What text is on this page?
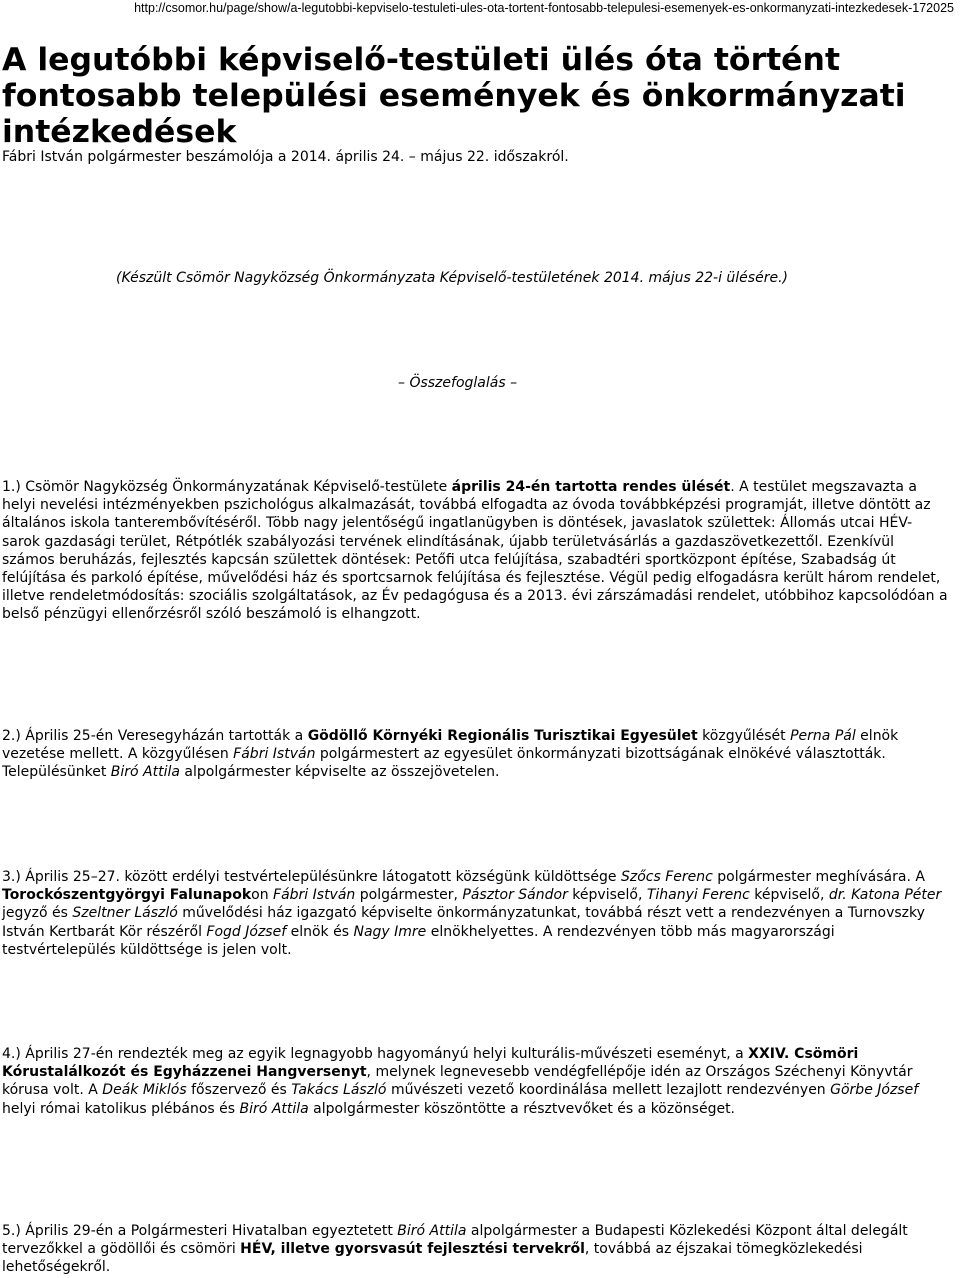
http://csomor.hu/page/show/a-legutobbi-kepviselo-testuleti-ules-ota-tortent-fontosabb-telepulesi-esemenyek-es-onkormanyzati-intezkedesek-172025
A legutóbbi képviselő-testületi ülés óta történt fontosabb települési események és önkormányzati intézkedések
Fábri István polgármester beszámolója a 2014. április 24. – május 22. időszakról.
(Készült Csömör Nagyközség Önkormányzata Képviselő-testületének 2014. május 22-i ülésére.)
– Összefoglalás –

1.) Csömör Nagyközség Önkormányzatának Képviselő-testülete április 24-én tartotta rendes ülését. A testület megszavazta a helyi nevelési intézményekben pszichológus alkalmazását, továbbá elfogadta az óvoda továbbképzési programját, illetve döntött az általános iskola tanterembővítéséről. Több nagy jelentőségű ingatlanügyben is döntések, javaslatok születtek: Állomás utcai HÉV-sarok gazdasági terület, Rétpótlék szabályozási tervének elindításának, újabb területvásárlás a gazdaszövetkezettől. Ezenkívül számos beruházás, fejlesztés kapcsán születtek döntések: Petőfi utca felújítása, szabadtéri sportközpont építése, Szabadság út felújítása és parkoló építése, művelődési ház és sportcsarnok felújítása és fejlesztése. Végül pedig elfogadásra került három rendelet, illetve rendeletmódosítás: szociális szolgáltatások, az Év pedagógusa és a 2013. évi zárszámadási rendelet, utóbbihoz kapcsolódóan a belső pénzügyi ellenőrzésről szóló beszámoló is elhangzott.

2.) Április 25-én Veresegyházán tartották a Gödöllő Környéki Regionális Turisztikai Egyesület közgyűlését Perna Pál elnök vezetése mellett. A közgyűlésen Fábri István polgármestert az egyesület önkormányzati bizottságának elnökévé választották. Településünket Biró Attila alpolgármester képviselte az összejövetelen.

3.) Április 25–27. között erdélyi testvértelepülésünkre látogatott községünk küldöttsége Szőcs Ferenc polgármester meghívására. A Torockószentgyörgyi Falunapokon Fábri István polgármester, Pásztor Sándor képviselő, Tihanyi Ferenc képviselő, dr. Katona Péter jegyző és Szeltner László művelődési ház igazgató képviselte önkormányzatunkat, továbbá részt vett a rendezvényen a Turnovszky István Kertbarát Kör részéről Fogd József elnök és Nagy Imre elnökhelyettes. A rendezvényen több más magyarországi testvértelepülés küldöttsége is jelen volt.

4.) Április 27-én rendezték meg az egyik legnagyobb hagyományú helyi kulturális-művészeti eseményt, a XXIV. Csömöri Kórustalálkozót és Egyházzenei Hangversenyt, melynek legnevesebb vendégfellépője idén az Országos Széchenyi Könyvtár kórusa volt. A Deák Miklós főszervező és Takács László művészeti vezető koordinálása mellett lezajlott rendezvényen Görbe József helyi római katolikus plébános és Biró Attila alpolgármester köszöntötte a résztvevőket és a közönséget.

5.) Április 29-én a Polgármesteri Hivatalban egyeztetett Biró Attila alpolgármester a Budapesti Közlekedési Központ által delegált tervezőkkel a gödöllői és csömöri HÉV, illetve gyorsvasút fejlesztési tervekről, továbbá az éjszakai tömegközlekedési lehetőségekről.
